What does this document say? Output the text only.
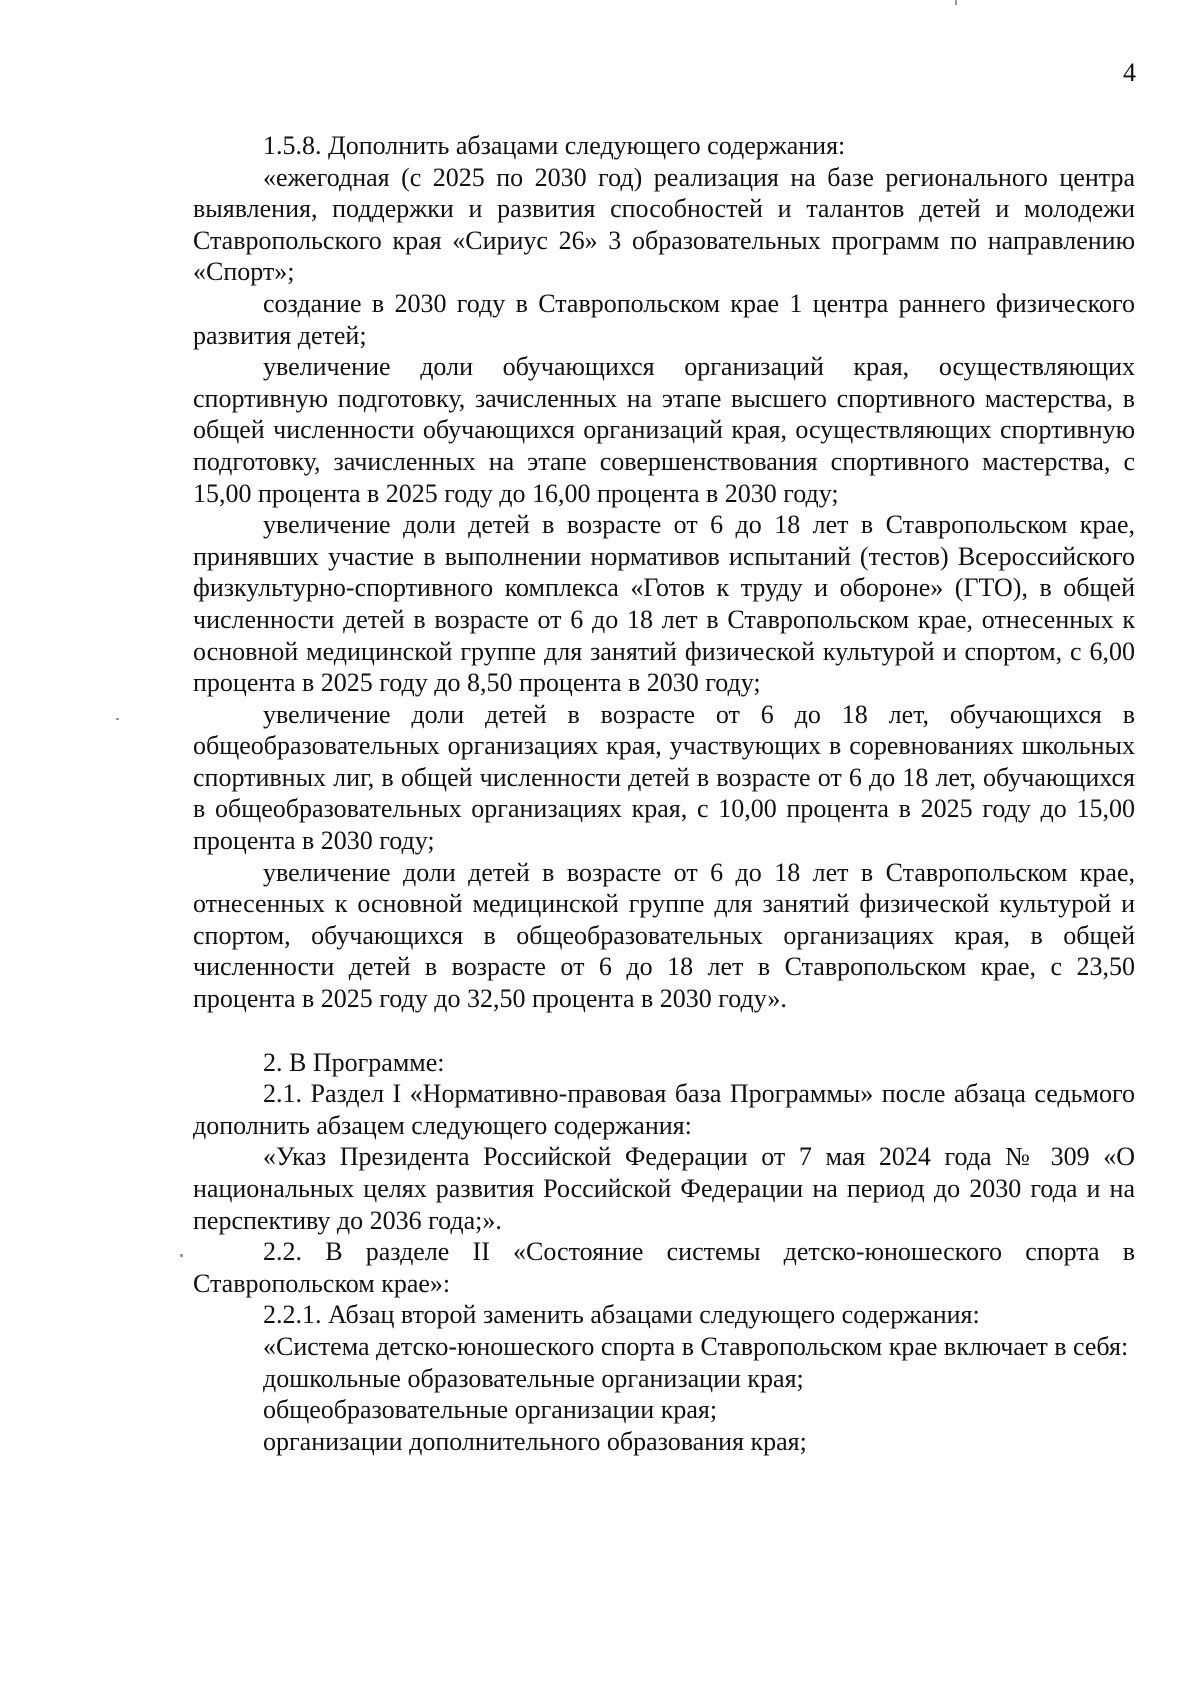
4

1.5.8. Дополнить абзацами следующего содержания:

«ежегодная (с 2025 по 2030 год) реализация на базе регионального центра выявления, поддержки и развития способностей и талантов детей и молодежи Ставропольского края «Сириус 26» 3 образовательных программ по направлению «Спорт»;

создание в 2030 году в Ставропольском крае 1 центра раннего физического развития детей;

увеличение доли обучающихся организаций края, осуществляющих спортивную подготовку, зачисленных на этапе высшего спортивного мастерства, в общей численности обучающихся организаций края, осуществляющих спортивную подготовку, зачисленных на этапе совершенствования спортивного мастерства, с 15,00 процента в 2025 году до 16,00 процента в 2030 году;

увеличение доли детей в возрасте от 6 до 18 лет в Ставропольском крае, принявших участие в выполнении нормативов испытаний (тестов) Всероссийского физкультурно-спортивного комплекса «Готов к труду и обороне» (ГТО), в общей численности детей в возрасте от 6 до 18 лет в Ставропольском крае, отнесенных к основной медицинской группе для занятий физической культурой и спортом, с 6,00 процента в 2025 году до 8,50 процента в 2030 году;

увеличение доли детей в возрасте от 6 до 18 лет, обучающихся в общеобразовательных организациях края, участвующих в соревнованиях школьных спортивных лиг, в общей численности детей в возрасте от 6 до 18 лет, обучающихся в общеобразовательных организациях края, с 10,00 процента в 2025 году до 15,00 процента в 2030 году;

увеличение доли детей в возрасте от 6 до 18 лет в Ставропольском крае, отнесенных к основной медицинской группе для занятий физической культурой и спортом, обучающихся в общеобразовательных организациях края, в общей численности детей в возрасте от 6 до 18 лет в Ставропольском крае, с 23,50 процента в 2025 году до 32,50 процента в 2030 году».

2. В Программе:

2.1. Раздел I «Нормативно-правовая база Программы» после абзаца седьмого дополнить абзацем следующего содержания:

«Указ Президента Российской Федерации от 7 мая 2024 года № 309 «О национальных целях развития Российской Федерации на период до 2030 года и на перспективу до 2036 года;».

2.2. В разделе II «Состояние системы детско-юношеского спорта в Ставропольском крае»:

2.2.1. Абзац второй заменить абзацами следующего содержания:

«Система детско-юношеского спорта в Ставропольском крае включает в себя:

дошкольные образовательные организации края;

общеобразовательные организации края;

организации дополнительного образования края;
